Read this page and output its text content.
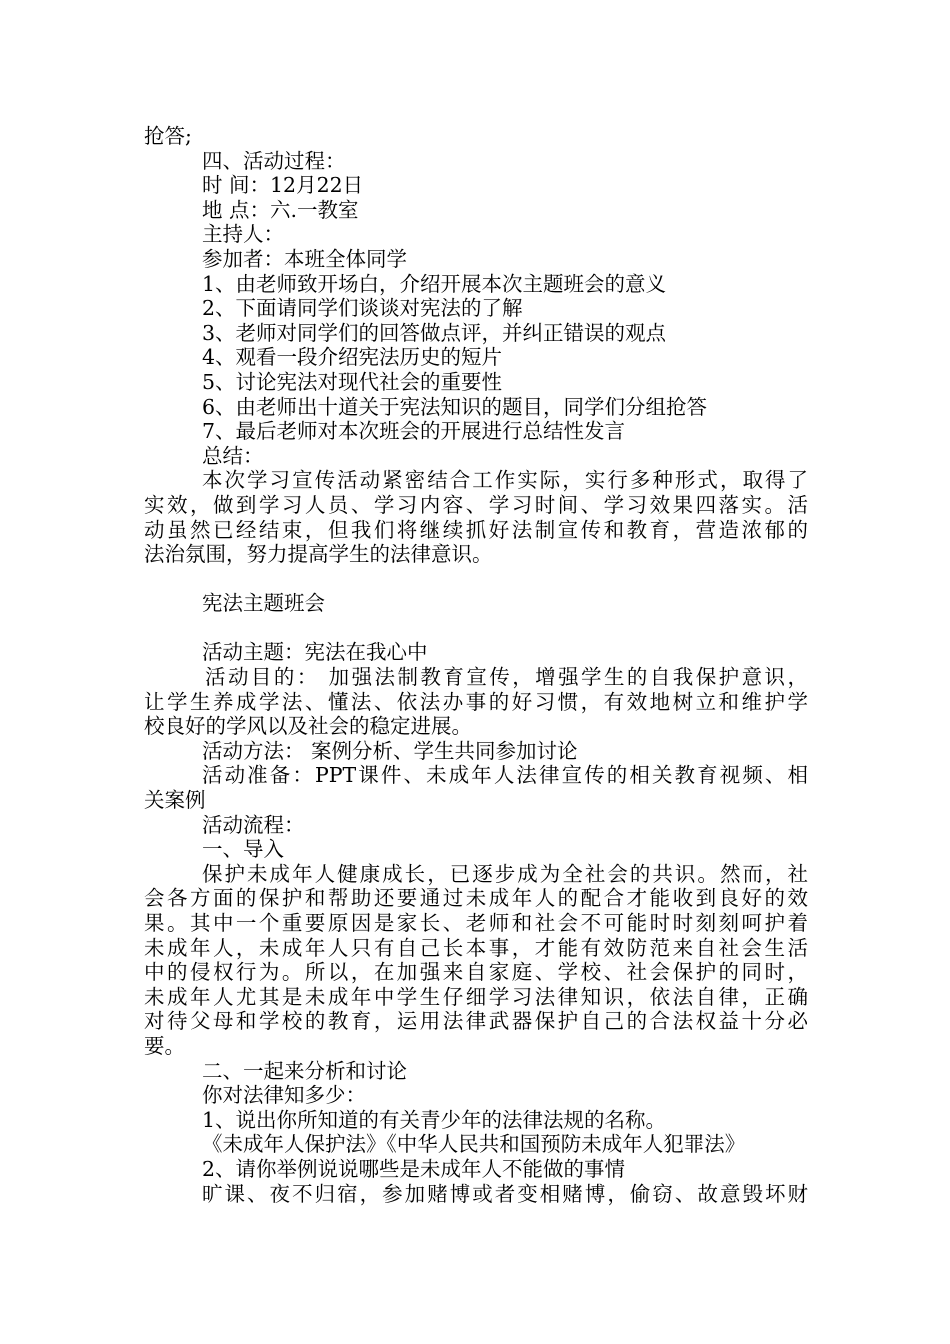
抢答;
四、活动过程：
时 间：12月22日
地 点：六.一教室
主持人：
参加者：本班全体同学
1、由老师致开场白，介绍开展本次主题班会的意义
2、下面请同学们谈谈对宪法的了解
3、老师对同学们的回答做点评，并纠正错误的观点
4、观看一段介绍宪法历史的短片
5、讨论宪法对现代社会的重要性
6、由老师出十道关于宪法知识的题目，同学们分组抢答
7、最后老师对本次班会的开展进行总结性发言
总结：
本次学习宣传活动紧密结合工作实际，实行多种形式，取得了
实效，做到学习人员、学习内容、学习时间、学习效果四落实。活
动虽然已经结束，但我们将继续抓好法制宣传和教育，营造浓郁的
法治氛围，努力提高学生的法律意识。
宪法主题班会
活动主题：宪法在我心中
活动目的： 加强法制教育宣传，增强学生的自我保护意识，
让学生养成学法、懂法、依法办事的好习惯，有效地树立和维护学
校良好的学风以及社会的稳定进展。
活动方法： 案例分析、学生共同参加讨论
活动准备：PPT课件、未成年人法律宣传的相关教育视频、相
关案例
活动流程：
一、导入
保护未成年人健康成长，已逐步成为全社会的共识。然而，社
会各方面的保护和帮助还要通过未成年人的配合才能收到良好的效
果。其中一个重要原因是家长、老师和社会不可能时时刻刻呵护着
未成年人，未成年人只有自己长本事，才能有效防范来自社会生活
中的侵权行为。所以，在加强来自家庭、学校、社会保护的同时，
未成年人尤其是未成年中学生仔细学习法律知识，依法自律，正确
对待父母和学校的教育，运用法律武器保护自己的合法权益十分必
要。
二、一起来分析和讨论
你对法律知多少：
1、说出你所知道的有关青少年的法律法规的名称。
《未成年人保护法》《中华人民共和国预防未成年人犯罪法》
2、请你举例说说哪些是未成年人不能做的事情
旷课、夜不归宿，参加赌博或者变相赌博，偷窃、故意毁坏财
